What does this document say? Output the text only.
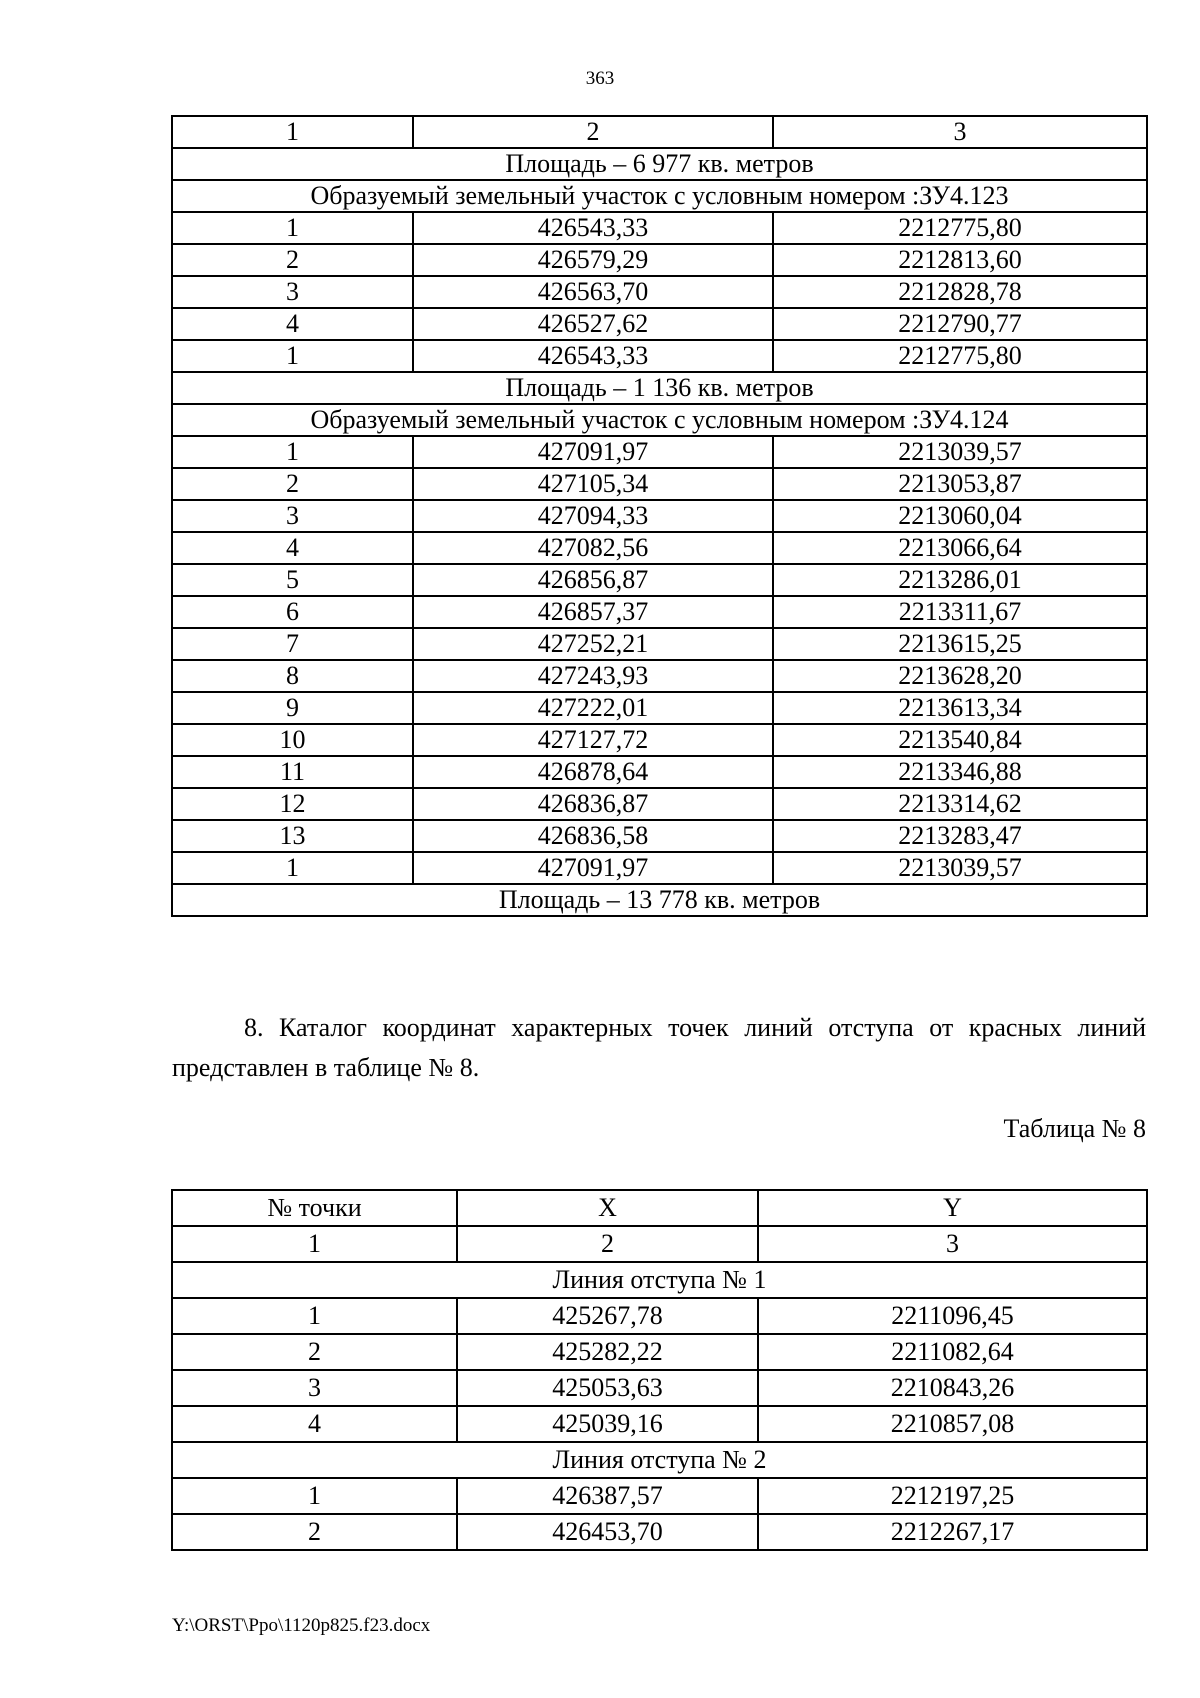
363
1	2	3
Площадь – 6 977 кв. метров		
Образуемый земельный участок с условным номером :ЗУ4.123		
1	426543,33	2212775,80
2	426579,29	2212813,60
3	426563,70	2212828,78
4	426527,62	2212790,77
1	426543,33	2212775,80
Площадь – 1 136 кв. метров		
Образуемый земельный участок с условным номером :ЗУ4.124		
1	427091,97	2213039,57
2	427105,34	2213053,87
3	427094,33	2213060,04
4	427082,56	2213066,64
5	426856,87	2213286,01
6	426857,37	2213311,67
7	427252,21	2213615,25
8	427243,93	2213628,20
9	427222,01	2213613,34
10	427127,72	2213540,84
11	426878,64	2213346,88
12	426836,87	2213314,62
13	426836,58	2213283,47
1	427091,97	2213039,57
Площадь – 13 778 кв. метров		
8. Каталог координат характерных точек линий отступа от красных линий представлен в таблице № 8.
Таблица № 8
№ точки	X	Y
1	2	3
Линия отступа № 1		
1	425267,78	2211096,45
2	425282,22	2211082,64
3	425053,63	2210843,26
4	425039,16	2210857,08
Линия отступа № 2		
1	426387,57	2212197,25
2	426453,70	2212267,17
Y:\ORST\Ppo\1120p825.f23.docx
